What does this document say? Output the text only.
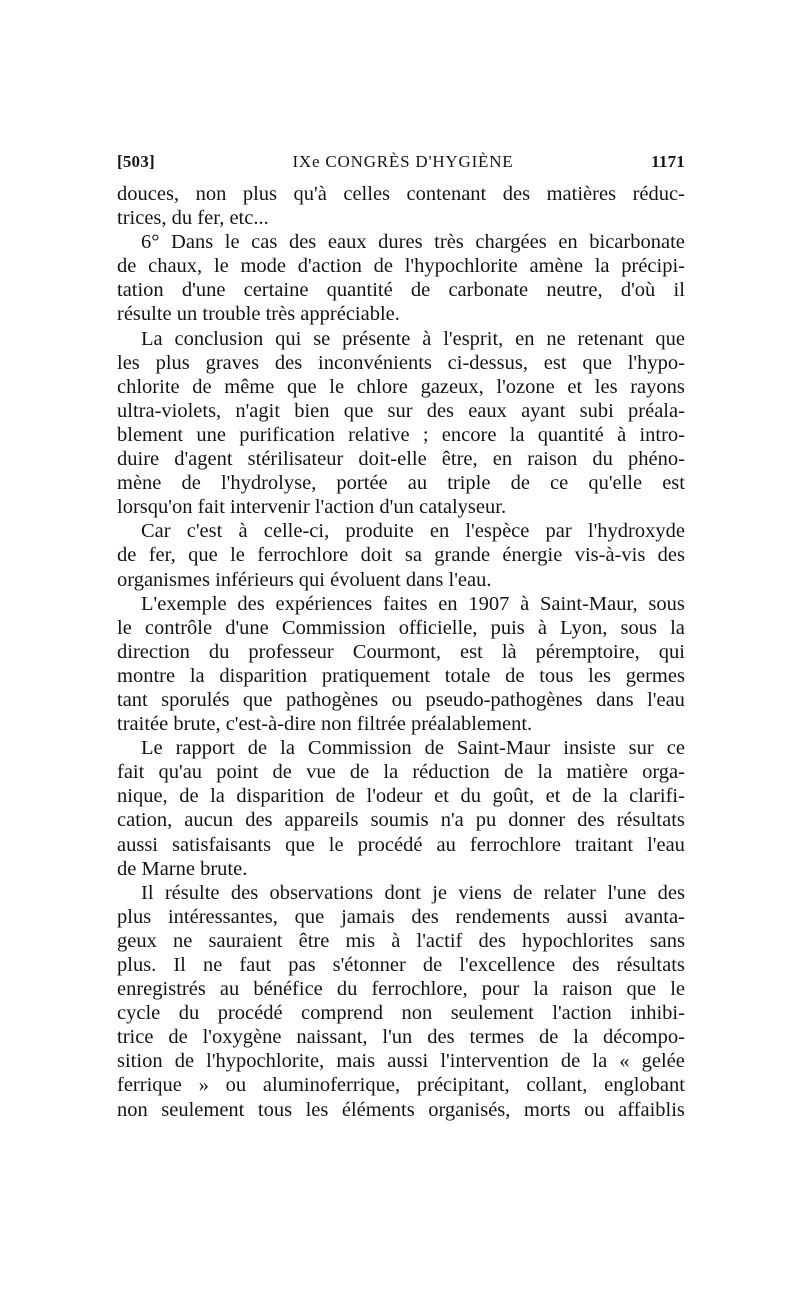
[503]	IXe CONGRÈS D'HYGIÈNE	1171
douces, non plus qu'à celles contenant des matières réduc-
trices, du fer, etc...
6° Dans le cas des eaux dures très chargées en bicarbonate
de chaux, le mode d'action de l'hypochlorite amène la précipi-
tation d'une certaine quantité de carbonate neutre, d'où il
résulte un trouble très appréciable.
La conclusion qui se présente à l'esprit, en ne retenant que
les plus graves des inconvénients ci-dessus, est que l'hypo-
chlorite de même que le chlore gazeux, l'ozone et les rayons
ultra-violets, n'agit bien que sur des eaux ayant subi préala-
blement une purification relative ; encore la quantité à intro-
duire d'agent stérilisateur doit-elle être, en raison du phéno-
mène de l'hydrolyse, portée au triple de ce qu'elle est
lorsqu'on fait intervenir l'action d'un catalyseur.
Car c'est à celle-ci, produite en l'espèce par l'hydroxyde
de fer, que le ferrochlore doit sa grande énergie vis-à-vis des
organismes inférieurs qui évoluent dans l'eau.
L'exemple des expériences faites en 1907 à Saint-Maur, sous
le contrôle d'une Commission officielle, puis à Lyon, sous la
direction du professeur Courmont, est là péremptoire, qui
montre la disparition pratiquement totale de tous les germes
tant sporulés que pathogènes ou pseudo-pathogènes dans l'eau
traitée brute, c'est-à-dire non filtrée préalablement.
Le rapport de la Commission de Saint-Maur insiste sur ce
fait qu'au point de vue de la réduction de la matière orga-
nique, de la disparition de l'odeur et du goût, et de la clarifi-
cation, aucun des appareils soumis n'a pu donner des résultats
aussi satisfaisants que le procédé au ferrochlore traitant l'eau
de Marne brute.
Il résulte des observations dont je viens de relater l'une des
plus intéressantes, que jamais des rendements aussi avanta-
geux ne sauraient être mis à l'actif des hypochlorites sans
plus. Il ne faut pas s'étonner de l'excellence des résultats
enregistrés au bénéfice du ferrochlore, pour la raison que le
cycle du procédé comprend non seulement l'action inhibi-
trice de l'oxygène naissant, l'un des termes de la décompo-
sition de l'hypochlorite, mais aussi l'intervention de la « gelée
ferrique » ou aluminoferrique, précipitant, collant, englobant
non seulement tous les éléments organisés, morts ou affaiblis
